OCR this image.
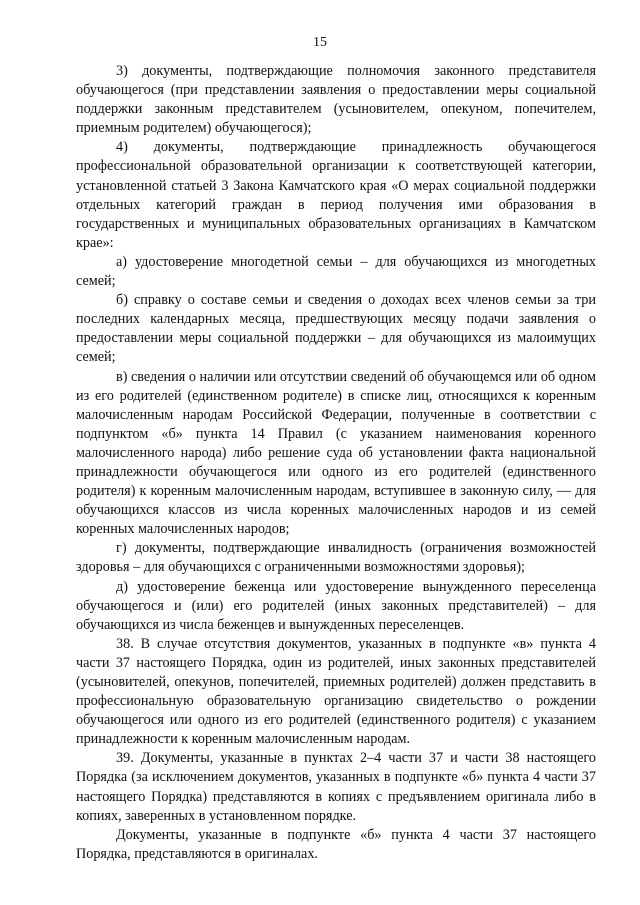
15

3) документы, подтверждающие полномочия законного представителя обучающегося (при представлении заявления о предоставлении меры социальной поддержки законным представителем (усыновителем, опекуном, попечителем, приемным родителем) обучающегося);

4) документы, подтверждающие принадлежность обучающегося профессиональной образовательной организации к соответствующей категории, установленной статьей 3 Закона Камчатского края «О мерах социальной поддержки отдельных категорий граждан в период получения ими образования в государственных и муниципальных образовательных организациях в Камчатском крае»:

а) удостоверение многодетной семьи – для обучающихся из многодетных семей;

б) справку о составе семьи и сведения о доходах всех членов семьи за три последних календарных месяца, предшествующих месяцу подачи заявления о предоставлении меры социальной поддержки – для обучающихся из малоимущих семей;

в) сведения о наличии или отсутствии сведений об обучающемся или об одном из его родителей (единственном родителе) в списке лиц, относящихся к коренным малочисленным народам Российской Федерации, полученные в соответствии с подпунктом «б» пункта 14 Правил (с указанием наименования коренного малочисленного народа) либо решение суда об установлении факта национальной принадлежности обучающегося или одного из его родителей (единственного родителя) к коренным малочисленным народам, вступившее в законную силу, — для обучающихся классов из числа коренных малочисленных народов и из семей коренных малочисленных народов;

г) документы, подтверждающие инвалидность (ограничения возможностей здоровья – для обучающихся с ограниченными возможностями здоровья);

д) удостоверение беженца или удостоверение вынужденного переселенца обучающегося и (или) его родителей (иных законных представителей) – для обучающихся из числа беженцев и вынужденных переселенцев.

38. В случае отсутствия документов, указанных в подпункте «в» пункта 4 части 37 настоящего Порядка, один из родителей, иных законных представителей (усыновителей, опекунов, попечителей, приемных родителей) должен представить в профессиональную образовательную организацию свидетельство о рождении обучающегося или одного из его родителей (единственного родителя) с указанием принадлежности к коренным малочисленным народам.

39. Документы, указанные в пунктах 2–4 части 37 и части 38 настоящего Порядка (за исключением документов, указанных в подпункте «б» пункта 4 части 37 настоящего Порядка) представляются в копиях с предъявлением оригинала либо в копиях, заверенных в установленном порядке.

Документы, указанные в подпункте «б» пункта 4 части 37 настоящего Порядка, представляются в оригиналах.
